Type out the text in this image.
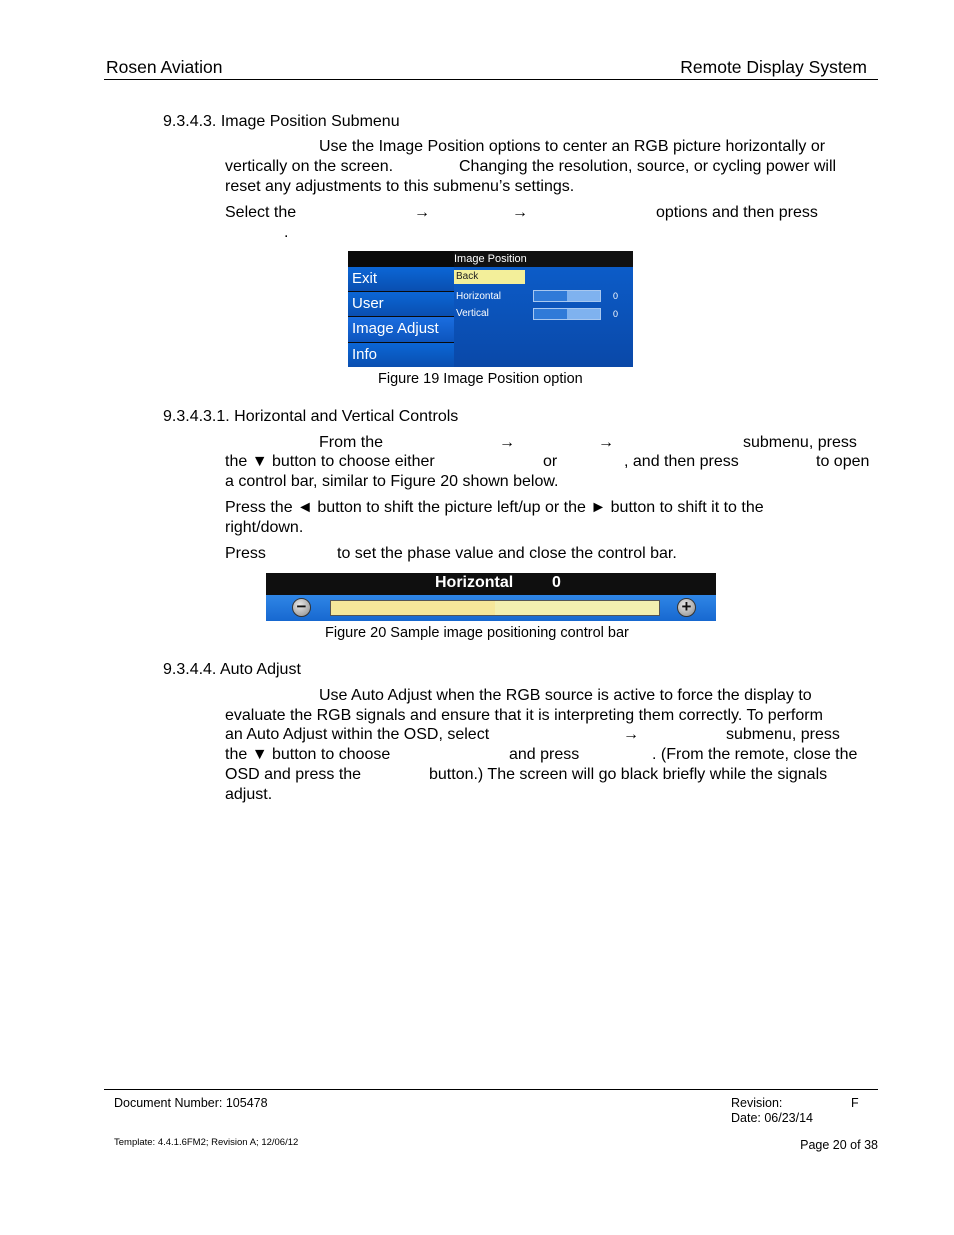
Rosen Aviation	Remote Display System
9.3.4.3. Image Position Submenu
Use the Image Position options to center an RGB picture horizontally or
vertically on the screen.	Changing the resolution, source, or cycling power will
reset any adjustments to this submenu’s settings.
Select the	→	→	options and then press
.
Exit
User
Image Adjust
Info
Image Position
Back
Horizontal	0
Vertical	0
Figure 19 Image Position option
9.3.4.3.1. Horizontal and Vertical Controls
From the	→	→	submenu, press
the ▼ button to choose either	or	, and then press	to open
a control bar, similar to Figure 20 shown below.
Press the ◄ button to shift the picture left/up or the ► button to shift it to the
right/down.
Press	to set the phase value and close the control bar.
Horizontal 0
−	+
Figure 20 Sample image positioning control bar
9.3.4.4. Auto Adjust
Use Auto Adjust when the RGB source is active to force the display to
evaluate the RGB signals and ensure that it is interpreting them correctly. To perform
an Auto Adjust within the OSD, select	→	submenu, press
the ▼ button to choose	and press	. (From the remote, close the
OSD and press the	button.) The screen will go black briefly while the signals
adjust.
Document Number: 105478	Revision:	F
Date: 06/23/14
Template: 4.4.1.6FM2; Revision A; 12/06/12	Page 20 of 38
